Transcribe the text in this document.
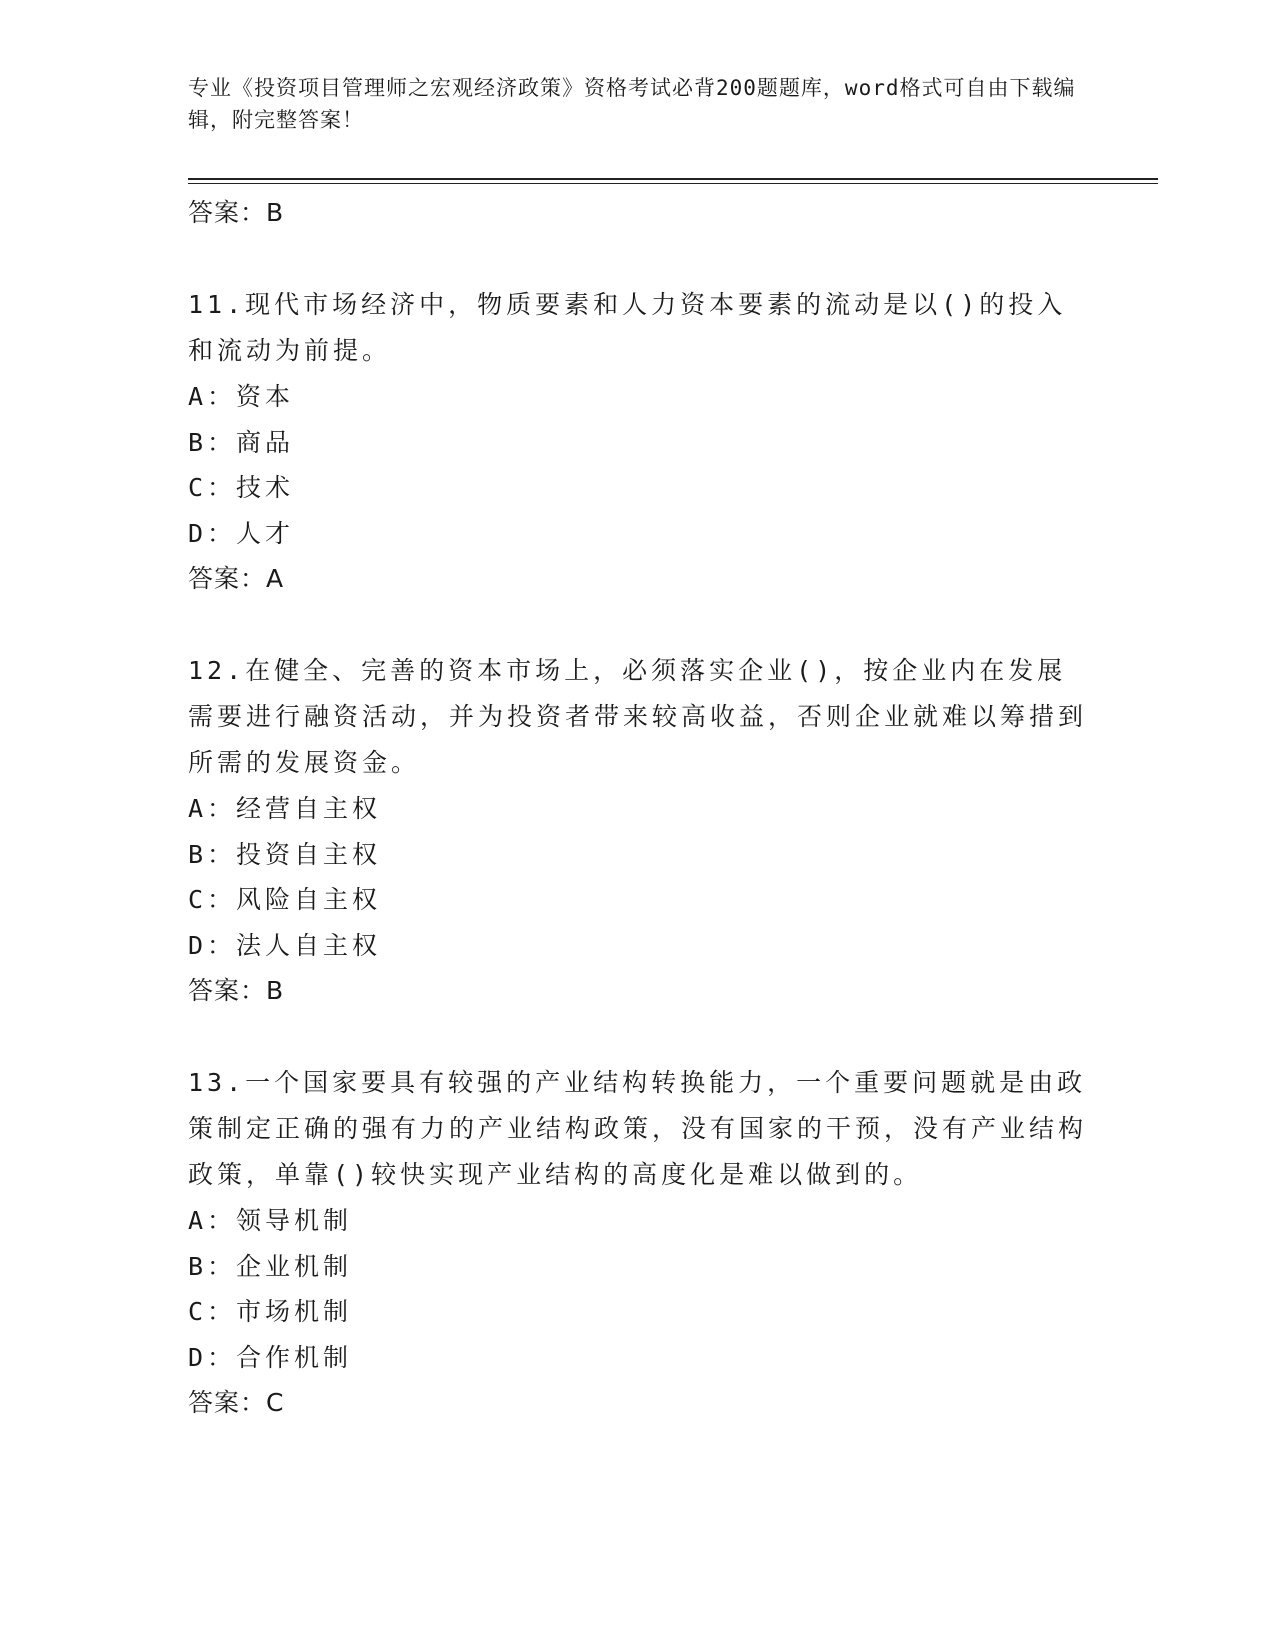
专业《投资项目管理师之宏观经济政策》资格考试必背200题题库，word格式可自由下载编辑，附完整答案！
答案：B
11.现代市场经济中，物质要素和人力资本要素的流动是以()的投入和流动为前提。
A：资本
B：商品
C：技术
D：人才
答案：A
12.在健全、完善的资本市场上，必须落实企业()，按企业内在发展需要进行融资活动，并为投资者带来较高收益，否则企业就难以筹措到所需的发展资金。
A：经营自主权
B：投资自主权
C：风险自主权
D：法人自主权
答案：B
13.一个国家要具有较强的产业结构转换能力，一个重要问题就是由政策制定正确的强有力的产业结构政策，没有国家的干预，没有产业结构政策，单靠()较快实现产业结构的高度化是难以做到的。
A：领导机制
B：企业机制
C：市场机制
D：合作机制
答案：C
